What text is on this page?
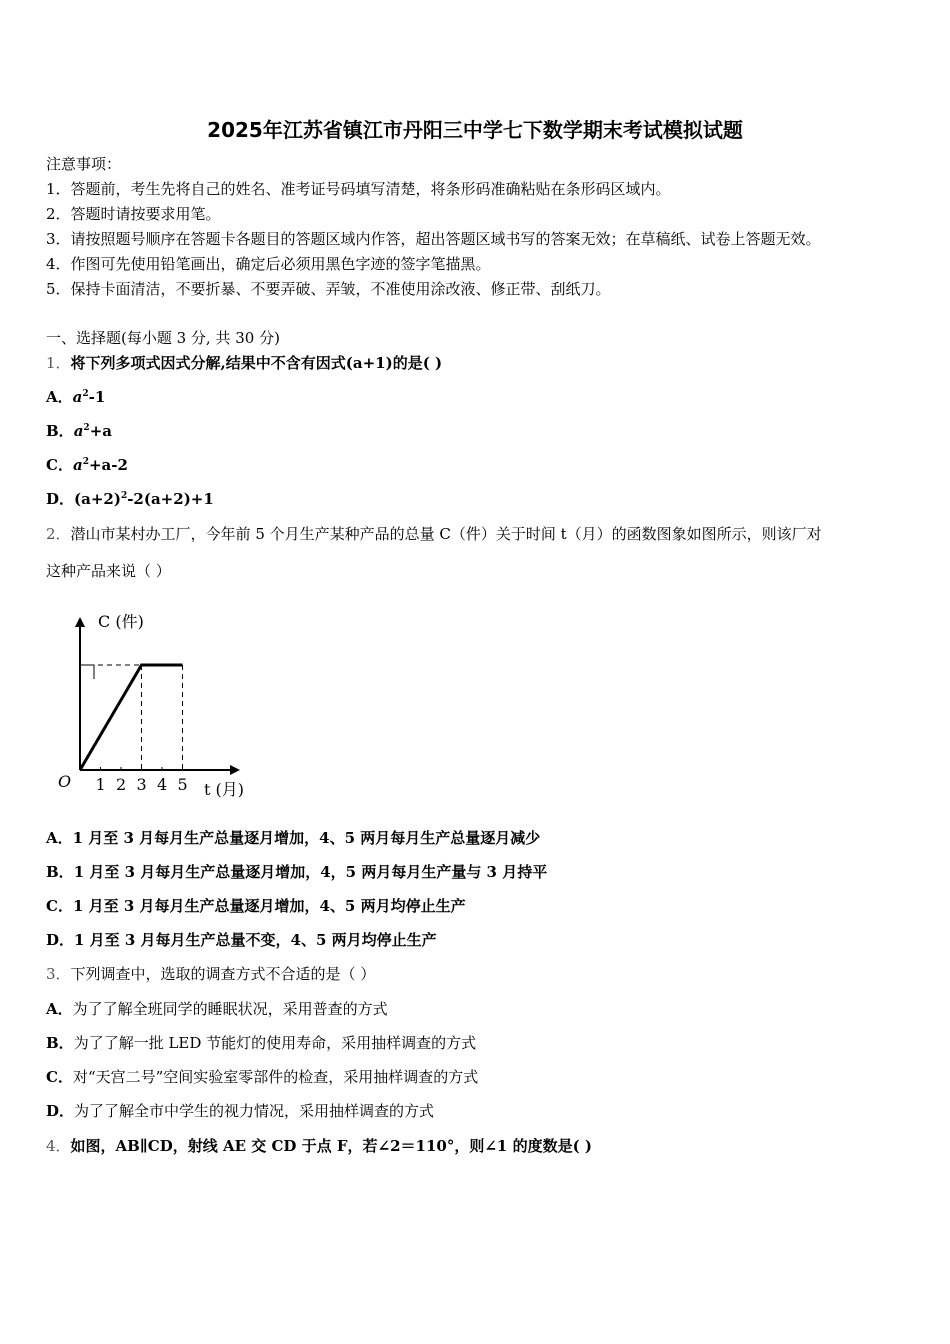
2025年江苏省镇江市丹阳三中学七下数学期末考试模拟试题
注意事项：
1．答题前，考生先将自己的姓名、准考证号码填写清楚，将条形码准确粘贴在条形码区域内。
2．答题时请按要求用笔。
3．请按照题号顺序在答题卡各题目的答题区域内作答，超出答题区域书写的答案无效；在草稿纸、试卷上答题无效。
4．作图可先使用铅笔画出，确定后必须用黑色字迹的签字笔描黑。
5．保持卡面清洁，不要折暴、不要弄破、弄皱，不准使用涂改液、修正带、刮纸刀。
一、选择题(每小题 3 分, 共 30 分)
1．将下列多项式因式分解,结果中不含有因式(a+1)的是( )
A．$a^2-1$
B．$a^2+a$
C．$a^2+a-2$
D．$(a+2)^2-2(a+2)+1$
2．潜山市某村办工厂，今年前 5 个月生产某种产品的总量 C（件）关于时间 t（月）的函数图象如图所示，则该厂对
这种产品来说（ ）
C (件)
t (月)
O 1 2 3 4 5
A．1 月至 3 月每月生产总量逐月增加，4、5 两月每月生产总量逐月减少
B．1 月至 3 月每月生产总量逐月增加，4，5 两月每月生产量与 3 月持平
C．1 月至 3 月每月生产总量逐月增加，4、5 两月均停止生产
D．1 月至 3 月每月生产总量不变，4、5 两月均停止生产
3．下列调查中，选取的调查方式不合适的是（ ）
A．为了了解全班同学的睡眠状况，采用普查的方式
B．为了了解一批 LED 节能灯的使用寿命，采用抽样调查的方式
C．对“天宫二号”空间实验室零部件的检查，采用抽样调查的方式
D．为了了解全市中学生的视力情况，采用抽样调查的方式
4．如图，AB∥CD，射线 AE 交 CD 于点 F，若∠2＝110°，则∠1 的度数是( )
